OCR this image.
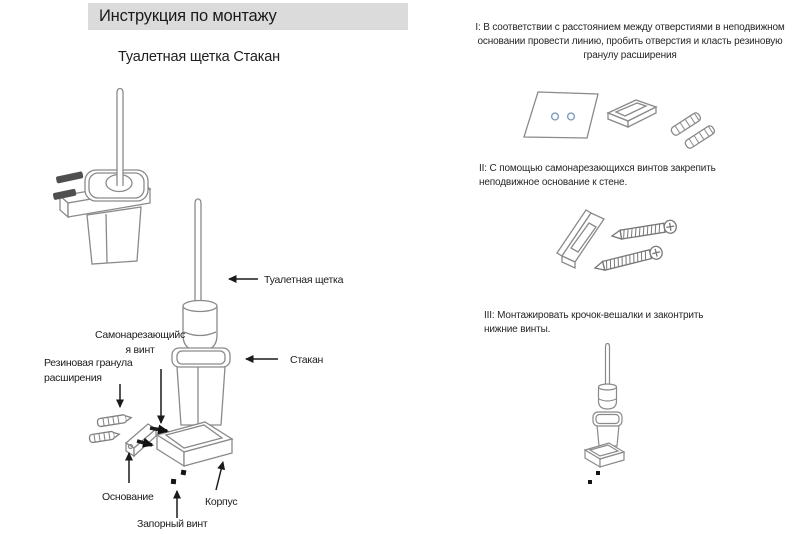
Инструкция по монтажу
Туалетная щетка Стакан
Туалетная щетка
Самонарезающийс
я винт
Резиновая гранула
расширения
Стакан
Основание	Корпус
Запорный винт
I: В соответствии с расстоянием между отверстиями в неподвижном
основании провести линию, пробить отверстия и класть резиновую
гранулу расширения
II: С помощью самонарезающихся винтов закрепить
неподвижное основание к стене.
III: Монтажировать крочок-вешалки и законтрить
нижние винты.
